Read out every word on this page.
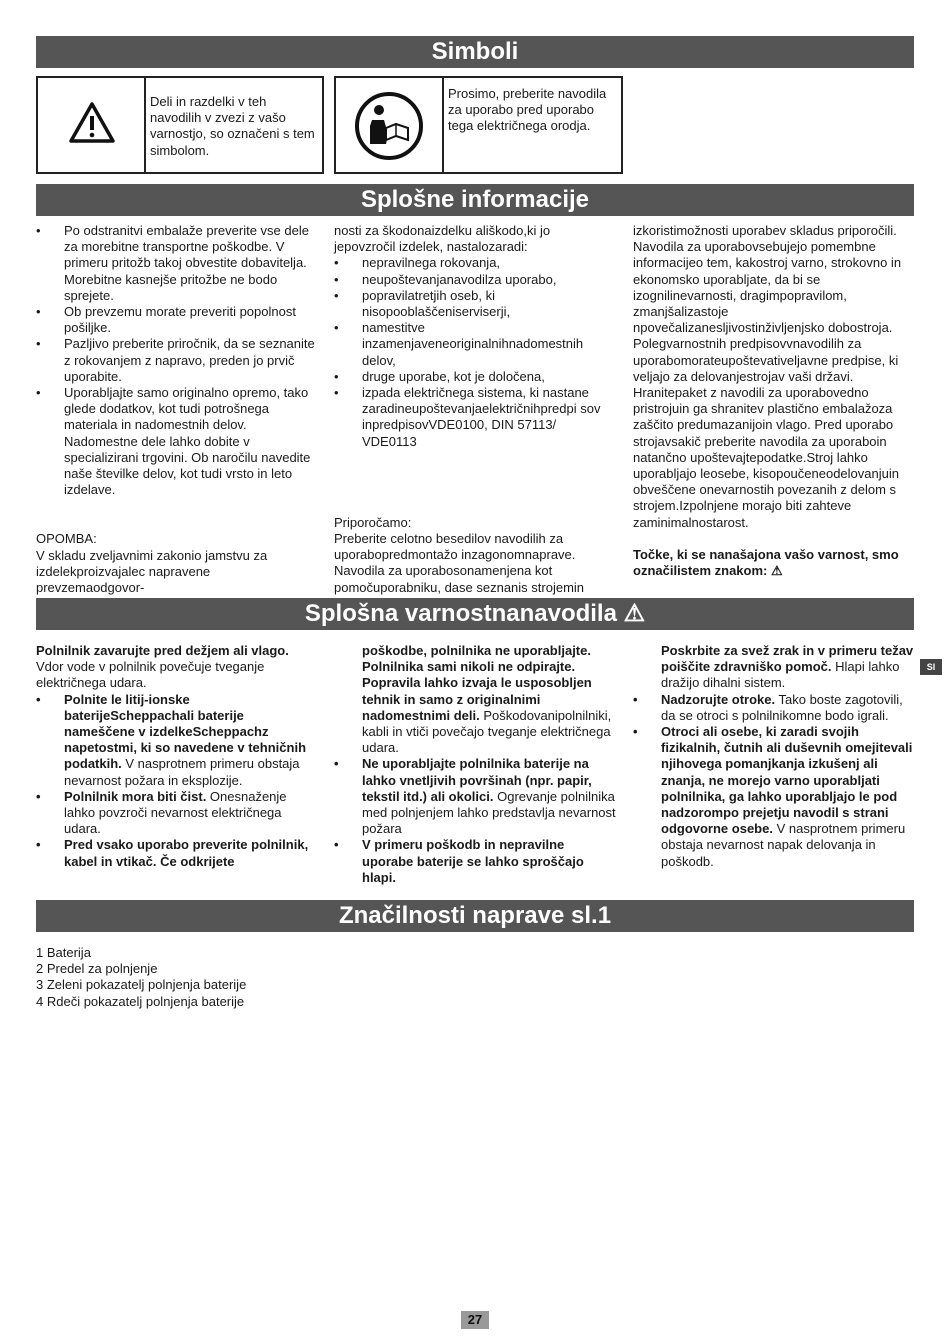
Simboli
Deli in razdelki v teh navodilih v zvezi z vašo varnostjo, so označeni s tem simbolom.
Prosimo, preberite navodila za uporabo pred uporabo tega električnega orodja.
Splošne informacije
• Po odstranitvi embalaže preverite vse dele za morebitne transportne poškodbe. V primeru pritožb takoj obvestite dobavitelja. Morebitne kasnejše pritožbe ne bodo sprejete.
• Ob prevzemu morate preveriti popolnost pošiljke.
• Pazljivo preberite priročnik, da se seznanite z rokovanjem z napravo, preden jo prvič uporabite.
• Uporabljajte samo originalno opremo, tako glede dodatkov, kot tudi potrošnega materiala in nadomestnih delov. Nadomestne dele lahko dobite v specializirani trgovini. Ob naročilu navedite naše številke delov, kot tudi vrsto in leto izdelave.

OPOMBA:

V skladu zveljavnimi zakonio jamstvu za izdelekproizvajalec napravene prevzemaodgovor-

nosti za škodonaizdelku ališkodo,ki jo jepovzročil izdelek, nastalozaradi:

• nepravilnega rokovanja,
• neupoštevanjanavodilza uporabo,
• popravilatretjih oseb, ki nisopooblaščeniserviserji,
• namestitve inzamenjaveneoriginalnihnadomestnih delov,
• druge uporabe, kot je določena,
• izpada električnega sistema, ki nastane zaradineupoštevanjaelektričnihpredpi sov inpredpisovVDE0100, DIN 57113/ VDE0113

Priporočamo:

Preberite celotno besedilov navodilih za uporabopredmontažo inzagonomnaprave. Navodila za uporabosonamenjena kot pomočuporabniku, dase seznanis strojemin

izkoristimožnosti uporabev skladus priporočili. Navodila za uporabovsebujejo pomembne informacijeo tem, kakostroj varno, strokovno in ekonomsko uporabljate, da bi se izognilinevarnosti, dragimpopravilom, zmanjšalizastoje npovečalizanesljivostinživljenjsko dobostroja. Polegvarnostnih predpisovvnavodilih za uporabomorateupoštevativeljavne predpise, ki veljajo za delovanjestrojav vaši državi. Hranitepaket z navodili za uporabovedno pristrojuin ga shranitev plastično embalažoza zaščito predumazanijoin vlago. Pred uporabo strojavsakič preberite navodila za uporaboin natančno upoštevajtepodatke.Stroj lahko uporabljajo leosebe, kisopoučeneodelovanjuin obveščene onevarnostih povezanih z delom s strojem.Izpolnjene morajo biti zahteve zaminimalnostarost.

Točke, ki se nanašajona vašo varnost, smo označilistem znakom: ⚠

Splošna varnostnanavodila ⚠

Polnilnik zavarujte pred dežjem ali vlago. Vdor vode v polnilnik povečuje tveganje električnega udara.

• Polnite le litij-ionske baterijeScheppachali baterije nameščene v izdelkeScheppachz napetostmi, ki so navedene v tehničnih podatkih. V nasprotnem primeru obstaja nevarnost požara in eksplozije.
• Polnilnik mora biti čist. Onesnaženje lahko povzroči nevarnost električnega udara.
• Pred vsako uporabo preverite polnilnik, kabel in vtikač. Če odkrijete

poškodbe, polnilnika ne uporabljajte. Polnilnika sami nikoli ne odpirajte. Popravila lahko izvaja le usposobljen tehnik in samo z originalnimi nadomestnimi deli. Poškodovanipolnilniki, kabli in vtiči povečajo tveganje električnega udara.

• Ne uporabljajte polnilnika baterije na lahko vnetljivih površinah (npr. papir, tekstil itd.) ali okolici. Ogrevanje polnilnika med polnjenjem lahko predstavlja nevarnost požara
• V primeru poškodb in nepravilne uporabe baterije se lahko sproščajo hlapi.

Poskrbite za svež zrak in v primeru težav poiščite zdravniško pomoč. Hlapi lahko dražijo dihalni sistem.

• Nadzorujte otroke. Tako boste zagotovili, da se otroci s polnilnikomne bodo igrali.
• Otroci ali osebe, ki zaradi svojih fizikalnih, čutnih ali duševnih omejitevali njihovega pomanjkanja izkušenj ali znanja, ne morejo varno uporabljati polnilnika, ga lahko uporabljajo le pod nadzorompo prejetju navodil s strani odgovorne osebe. V nasprotnem primeru obstaja nevarnost napak delovanja in poškodb.
Sl
Značilnosti naprave sl.1
1 Baterija
2 Predel za polnjenje
3 Zeleni pokazatelj polnjenja baterije
4 Rdeči pokazatelj polnjenja baterije
27
